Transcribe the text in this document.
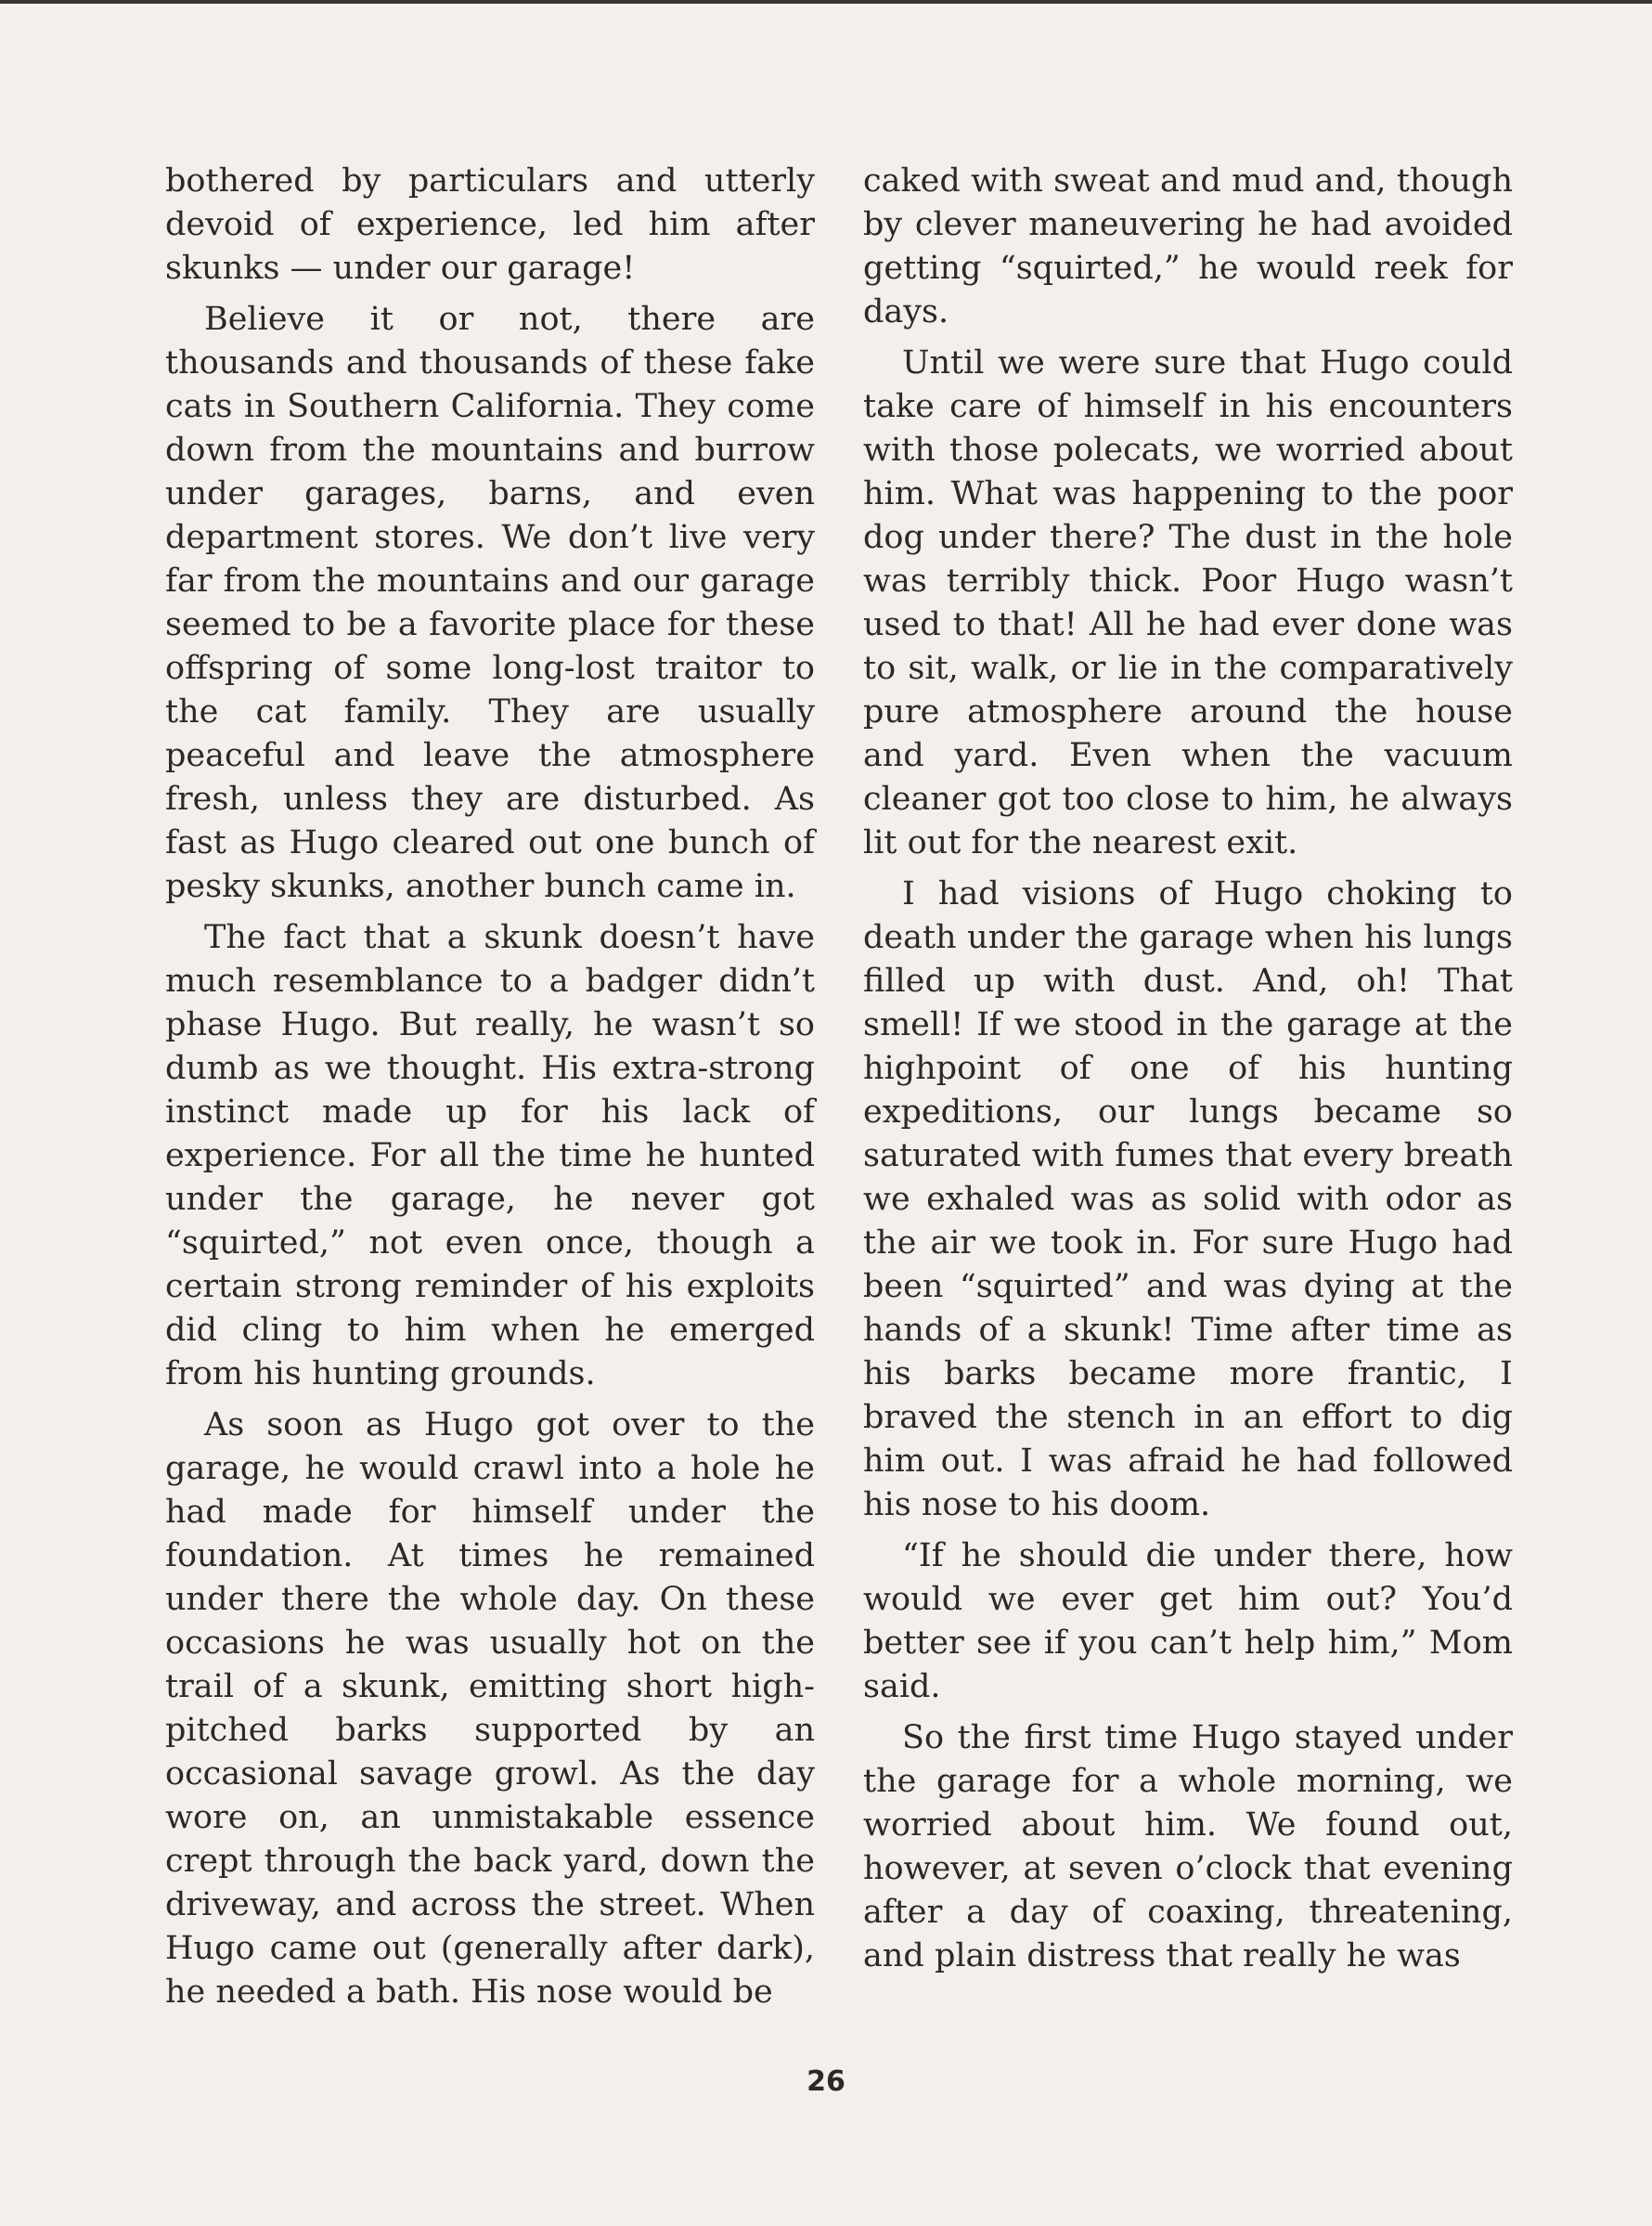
bothered by particulars and utterly devoid of experience, led him after skunks — under our garage!

Believe it or not, there are thousands and thousands of these fake cats in Southern California. They come down from the mountains and burrow under garages, barns, and even department stores. We don’t live very far from the mountains and our garage seemed to be a favorite place for these offspring of some long-lost traitor to the cat family. They are usually peaceful and leave the atmosphere fresh, unless they are disturbed. As fast as Hugo cleared out one bunch of pesky skunks, another bunch came in.

The fact that a skunk doesn’t have much resemblance to a badger didn’t phase Hugo. But really, he wasn’t so dumb as we thought. His extra-strong instinct made up for his lack of experience. For all the time he hunted under the garage, he never got “squirted,” not even once, though a certain strong reminder of his exploits did cling to him when he emerged from his hunting grounds.

As soon as Hugo got over to the garage, he would crawl into a hole he had made for himself under the foundation. At times he remained under there the whole day. On these occasions he was usually hot on the trail of a skunk, emitting short high-pitched barks supported by an occasional savage growl. As the day wore on, an unmistakable essence crept through the back yard, down the driveway, and across the street. When Hugo came out (generally after dark), he needed a bath. His nose would be

caked with sweat and mud and, though by clever maneuvering he had avoided getting “squirted,” he would reek for days.

Until we were sure that Hugo could take care of himself in his encounters with those polecats, we worried about him. What was happening to the poor dog under there? The dust in the hole was terribly thick. Poor Hugo wasn’t used to that! All he had ever done was to sit, walk, or lie in the comparatively pure atmosphere around the house and yard. Even when the vacuum cleaner got too close to him, he always lit out for the nearest exit.

I had visions of Hugo choking to death under the garage when his lungs filled up with dust. And, oh! That smell! If we stood in the garage at the highpoint of one of his hunting expeditions, our lungs became so saturated with fumes that every breath we exhaled was as solid with odor as the air we took in. For sure Hugo had been “squirted” and was dying at the hands of a skunk! Time after time as his barks became more frantic, I braved the stench in an effort to dig him out. I was afraid he had followed his nose to his doom.

“If he should die under there, how would we ever get him out? You’d better see if you can’t help him,” Mom said.

So the first time Hugo stayed under the garage for a whole morning, we worried about him. We found out, however, at seven o’clock that evening after a day of coaxing, threatening, and plain distress that really he was

26
